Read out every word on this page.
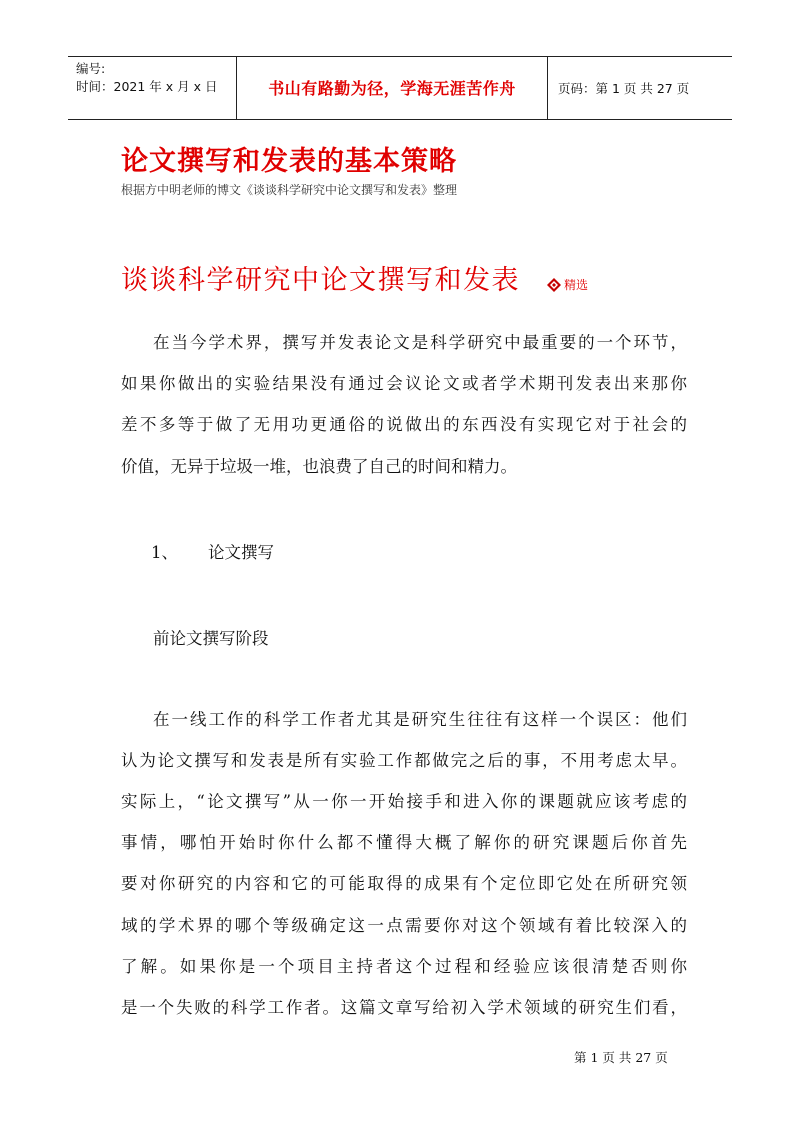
编号:
时间：2021 年 x 月 x 日	书山有路勤为径，学海无涯苦作舟	页码：第 1 页 共 27 页
论文撰写和发表的基本策略
根据方中明老师的博文《谈谈科学研究中论文撰写和发表》整理
谈谈科学研究中论文撰写和发表	精选
在当今学术界，撰写并发表论文是科学研究中最重要的一个环节，
如果你做出的实验结果没有通过会议论文或者学术期刊发表出来那你
差不多等于做了无用功更通俗的说做出的东西没有实现它对于社会的
价值，无异于垃圾一堆，也浪费了自己的时间和精力。
1、 论文撰写
前论文撰写阶段
在一线工作的科学工作者尤其是研究生往往有这样一个误区：他们
认为论文撰写和发表是所有实验工作都做完之后的事，不用考虑太早。
实际上，“论文撰写”从一你一开始接手和进入你的课题就应该考虑的
事情，哪怕开始时你什么都不懂得大概了解你的研究课题后你首先
要对你研究的内容和它的可能取得的成果有个定位即它处在所研究领
域的学术界的哪个等级确定这一点需要你对这个领域有着比较深入的
了解。如果你是一个项目主持者这个过程和经验应该很清楚否则你
是一个失败的科学工作者。这篇文章写给初入学术领域的研究生们看，
第 1 页 共 27 页
